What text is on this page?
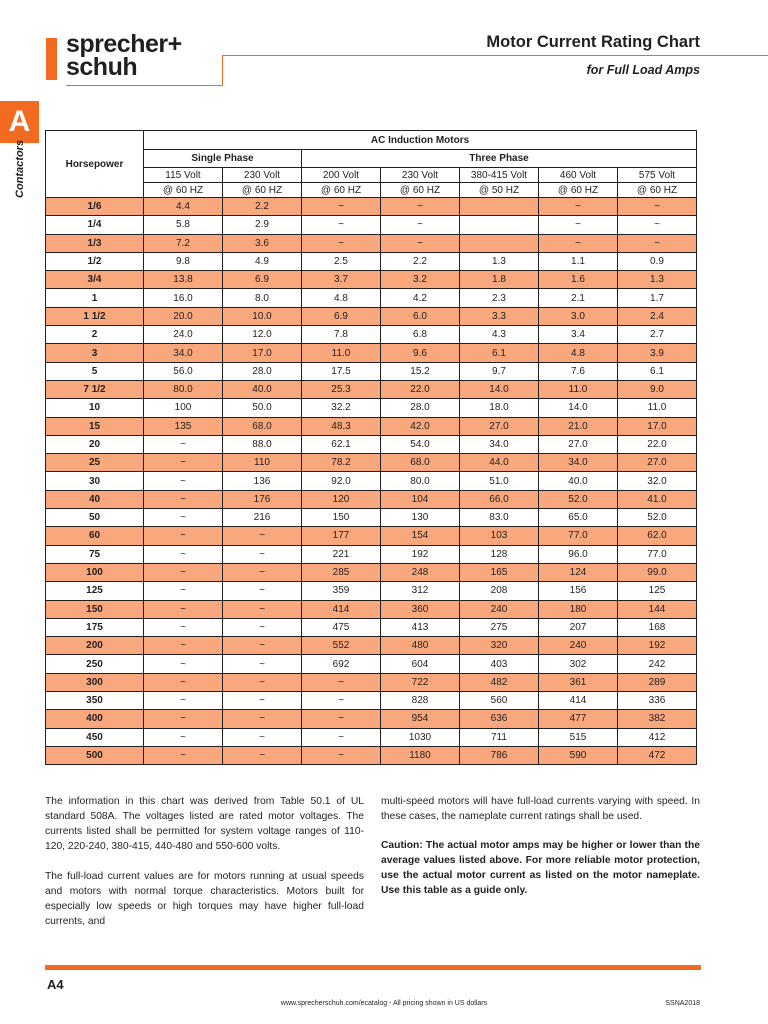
sprecher+
schuh
Motor Current Rating Chart
for Full Load Amps
A
Contactors	Horsepower	AC Induction Motors						
	Single Phase		Three Phase				
	115 Volt	230 Volt	200 Volt	230 Volt	380-415 Volt	460 Volt	575 Volt
	@ 60 HZ	@ 60 HZ	@ 60 HZ	@ 60 HZ	@ 50 HZ	@ 60 HZ	@ 60 HZ
1/6	4.4	2.2	~	~		~	~
1/4	5.8	2.9	~	~		~	~
1/3	7.2	3.6	~	~		~	~
1/2	9.8	4.9	2.5	2.2	1.3	1.1	0.9
3/4	13.8	6.9	3.7	3.2	1.8	1.6	1.3
1	16.0	8.0	4.8	4.2	2.3	2.1	1.7
1 1/2	20.0	10.0	6.9	6.0	3.3	3.0	2.4
2	24.0	12.0	7.8	6.8	4.3	3.4	2.7
3	34.0	17.0	11.0	9.6	6.1	4.8	3.9
5	56.0	28.0	17.5	15.2	9.7	7.6	6.1
7 1/2	80.0	40.0	25.3	22.0	14.0	11.0	9.0
10	100	50.0	32.2	28.0	18.0	14.0	11.0
15	135	68.0	48.3	42.0	27.0	21.0	17.0
20	~	88.0	62.1	54.0	34.0	27.0	22.0
25	~	110	78.2	68.0	44.0	34.0	27.0
30	~	136	92.0	80.0	51.0	40.0	32.0
40	~	176	120	104	66.0	52.0	41.0
50	~	216	150	130	83.0	65.0	52.0
60	~	~	177	154	103	77.0	62.0
75	~	~	221	192	128	96.0	77.0
100	~	~	285	248	165	124	99.0
125	~	~	359	312	208	156	125
150	~	~	414	360	240	180	144
175	~	~	475	413	275	207	168
200	~	~	552	480	320	240	192
250	~	~	692	604	403	302	242
300	~	~	~	722	482	361	289
350	~	~	~	828	560	414	336
400	~	~	~	954	636	477	382
450	~	~	~	1030	711	515	412
500	~	~	~	1180	786	590	472
The information in this chart was derived from Table 50.1 of UL standard 508A. The voltages listed are rated motor voltages. The currents listed shall be permitted for system voltage ranges of 110-120, 220-240, 380-415, 440-480 and 550-600 volts.
The full-load current values are for motors running at usual speeds and motors with normal torque characteristics. Motors built for especially low speeds or high torques may have higher full-load currents, and
multi-speed motors will have full-load currents varying with speed. In these cases, the nameplate current ratings shall be used.
Caution: The actual motor amps may be higher or lower than the average values listed above. For more reliable motor protection, use the actual motor current as listed on the motor nameplate. Use this table as a guide only.
A4
www.sprecherschuh.com/ecatalog - All pricing shown in US dollars	SSNA2018
